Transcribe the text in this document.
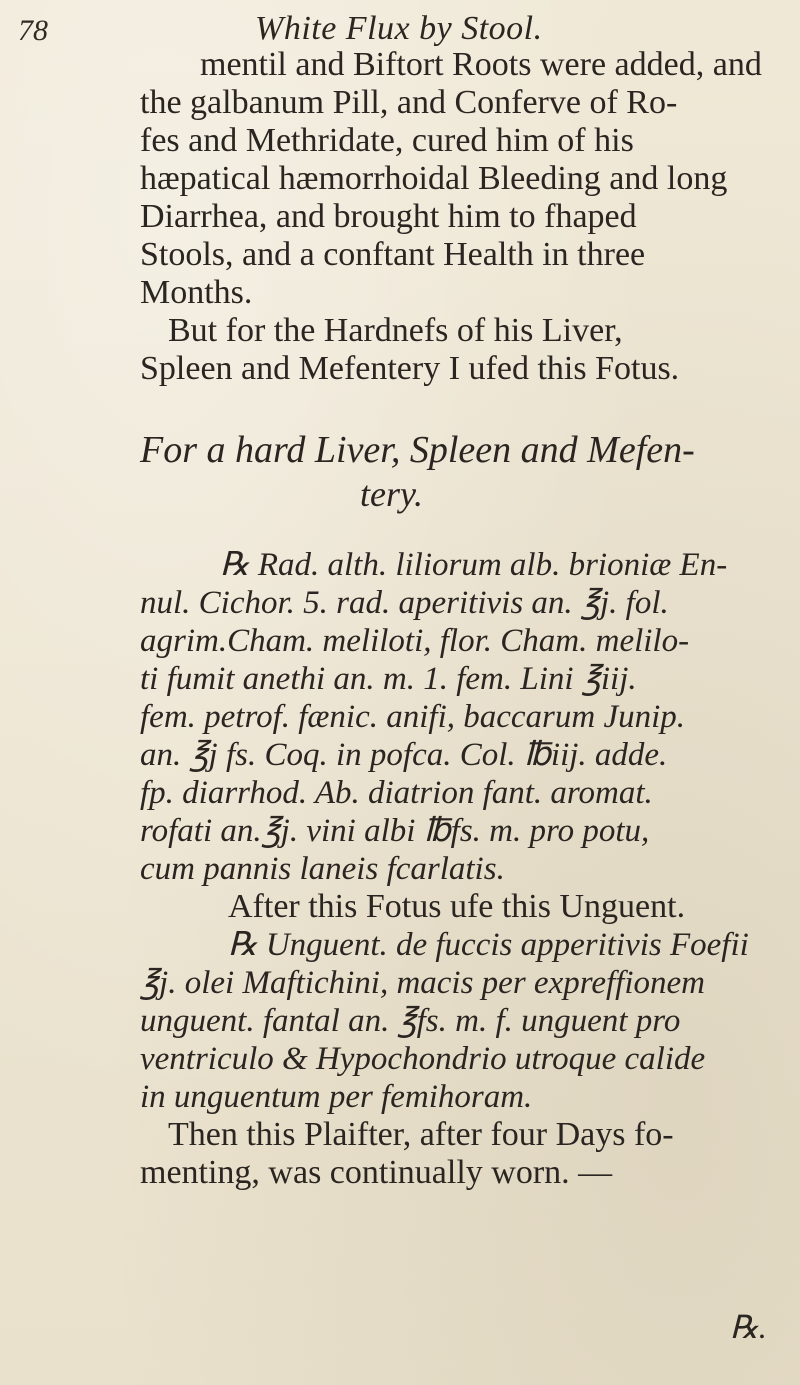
78	White Flux by Stool.
mentil and Biftort Roots were added, and
the galbanum Pill, and Conferve of Ro-
fes and Methridate, cured him of his
hæpatical hæmorrhoidal Bleeding and long
Diarrhea, and brought him to fhaped
Stools, and a conftant Health in three
Months.
But for the Hardnefs of his Liver,
Spleen and Mefentery I ufed this Fotus.
For a hard Liver, Spleen and Mefen-
tery.
℞ Rad. alth. liliorum alb. brioniæ En-
nul. Cichor. 5. rad. aperitivis an. ℥j. fol.
agrim.Cham. meliloti, flor. Cham. melilo-
ti fumit anethi an. m. 1. fem. Lini ℥iij.
fem. petrof. fænic. anifi, baccarum Junip.
an. ℥j fs. Coq. in pofca. Col. ℔iij. adde.
fp. diarrhod. Ab. diatrion fant. aromat.
rofati an.℥j. vini albi ℔fs. m. pro potu,
cum pannis laneis fcarlatis.
After this Fotus ufe this Unguent.
℞ Unguent. de fuccis apperitivis Foefii
℥j. olei Maftichini, macis per expreffionem
unguent. fantal an. ℥fs. m. f. unguent pro
ventriculo & Hypochondrio utroque calide
in unguentum per femihoram.
Then this Plaifter, after four Days fo-
menting, was continually worn. —
℞.
